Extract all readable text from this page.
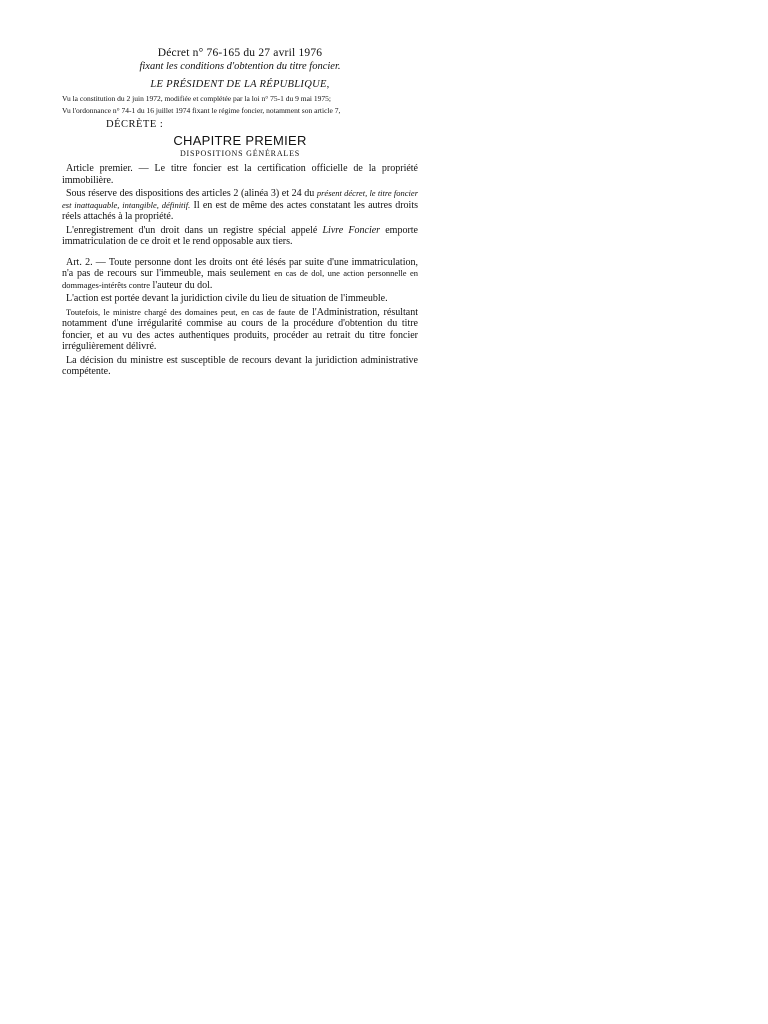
Décret n° 76-165 du 27 avril 1976
fixant les conditions d'obtention du titre foncier.
LE PRÉSIDENT DE LA RÉPUBLIQUE,
Vu la constitution du 2 juin 1972, modifiée et complétée par la loi n° 75-1 du 9 mai 1975;
Vu l'ordonnance n° 74-1 du 16 juillet 1974 fixant le régime foncier, notamment son article 7,
DÉCRÈTE :
CHAPITRE PREMIER
DISPOSITIONS GÉNÉRALES

Article premier. — Le titre foncier est la certification officielle de la propriété immobilière.

Sous réserve des dispositions des articles 2 (alinéa 3) et 24 du présent décret, le titre foncier est inattaquable, intangible, définitif. Il en est de même des actes constatant les autres droits réels attachés à la propriété.

L'enregistrement d'un droit dans un registre spécial appelé Livre Foncier emporte immatriculation de ce droit et le rend opposable aux tiers.

Art. 2. — Toute personne dont les droits ont été lésés par suite d'une immatriculation, n'a pas de recours sur l'immeuble, mais seulement en cas de dol, une action personnelle en dommages-intérêts contre l'auteur du dol.

L'action est portée devant la juridiction civile du lieu de situation de l'immeuble.

Toutefois, le ministre chargé des domaines peut, en cas de faute de l'Administration, résultant notamment d'une irrégularité commise au cours de la procédure d'obtention du titre foncier, et au vu des actes authentiques produits, procéder au retrait du titre foncier irrégulièrement délivré.

La décision du ministre est susceptible de recours devant la juridiction administrative compétente.
